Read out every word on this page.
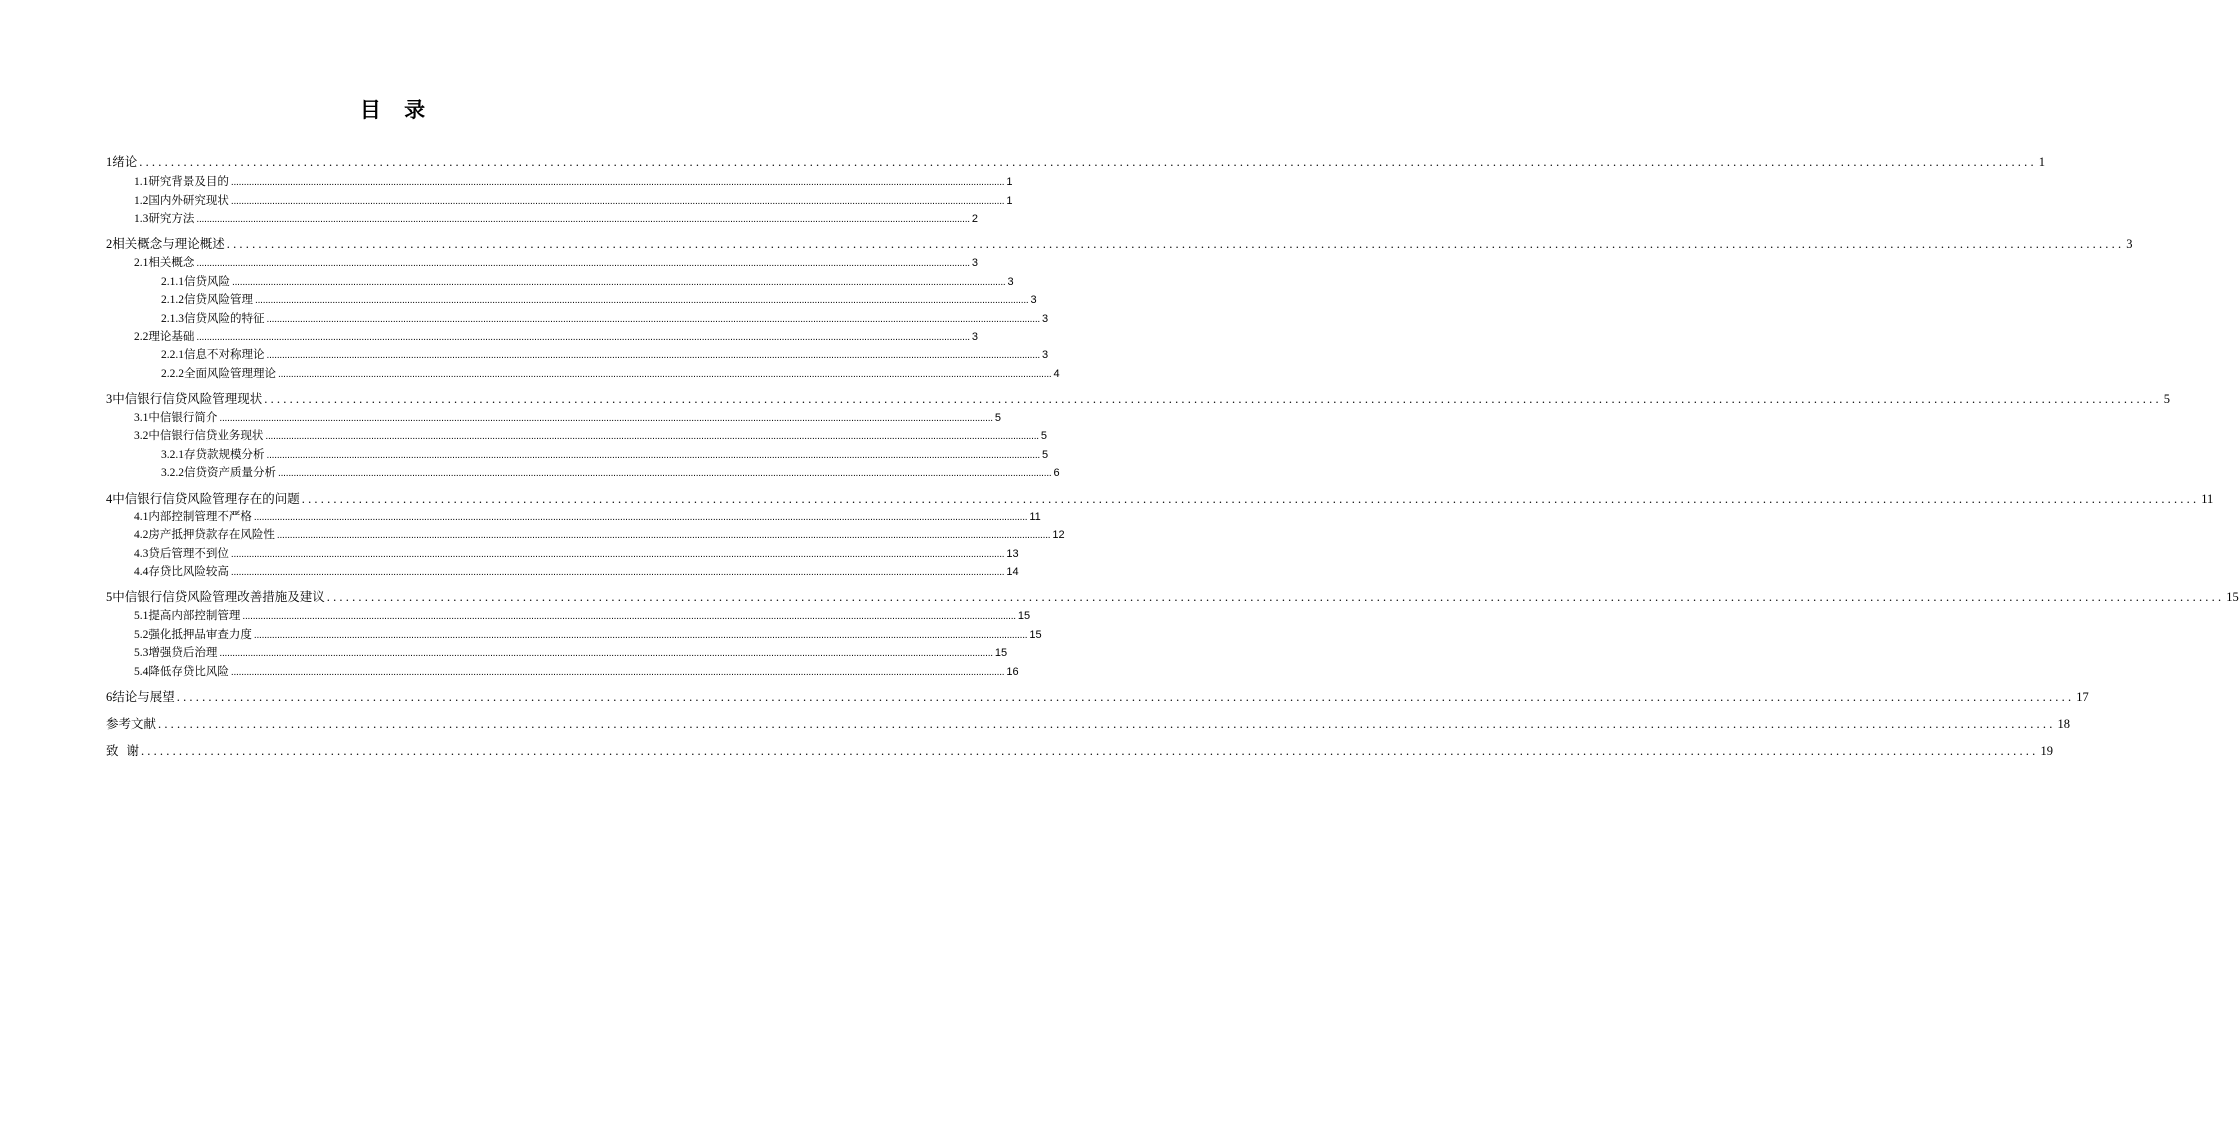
目 录
1 绪论 ............................................................................................................................................................................................................................................................................................................ 1
1.1 研究背景及目的 ............................................................................................................................................................................................................................................................................................................ 1
1.2 国内外研究现状 ............................................................................................................................................................................................................................................................................................................ 1
1.3 研究方法 ............................................................................................................................................................................................................................................................................................................ 2
2 相关概念与理论概述 ............................................................................................................................................................................................................................................................................................................ 3
2.1 相关概念 ............................................................................................................................................................................................................................................................................................................ 3
2.1.1 信贷风险 ............................................................................................................................................................................................................................................................................................................ 3
2.1.2 信贷风险管理 ............................................................................................................................................................................................................................................................................................................ 3
2.1.3 信贷风险的特征 ............................................................................................................................................................................................................................................................................................................ 3
2.2 理论基础 ............................................................................................................................................................................................................................................................................................................ 3
2.2.1 信息不对称理论 ............................................................................................................................................................................................................................................................................................................ 3
2.2.2 全面风险管理理论 ............................................................................................................................................................................................................................................................................................................ 4
3 中信银行信贷风险管理现状 ............................................................................................................................................................................................................................................................................................................ 5
3.1 中信银行简介 ............................................................................................................................................................................................................................................................................................................ 5
3.2 中信银行信贷业务现状 ............................................................................................................................................................................................................................................................................................................ 5
3.2.1 存贷款规模分析 ............................................................................................................................................................................................................................................................................................................ 5
3.2.2 信贷资产质量分析 ............................................................................................................................................................................................................................................................................................................ 6
4 中信银行信贷风险管理存在的问题 ............................................................................................................................................................................................................................................................................................................ 11
4.1 内部控制管理不严格 ............................................................................................................................................................................................................................................................................................................ 11
4.2 房产抵押贷款存在风险性 ............................................................................................................................................................................................................................................................................................................ 12
4.3 贷后管理不到位 ............................................................................................................................................................................................................................................................................................................ 13
4.4 存贷比风险较高 ............................................................................................................................................................................................................................................................................................................ 14
5 中信银行信贷风险管理改善措施及建议 ............................................................................................................................................................................................................................................................................................................ 15
5.1 提高内部控制管理 ............................................................................................................................................................................................................................................................................................................ 15
5.2 强化抵押品审查力度 ............................................................................................................................................................................................................................................................................................................ 15
5.3 增强贷后治理 ............................................................................................................................................................................................................................................................................................................ 15
5.4 降低存贷比风险 ............................................................................................................................................................................................................................................................................................................ 16
6 结论与展望 ............................................................................................................................................................................................................................................................................................................ 17
参考文献 ............................................................................................................................................................................................................................................................................................................ 18
致  谢 ............................................................................................................................................................................................................................................................................................................ 19
